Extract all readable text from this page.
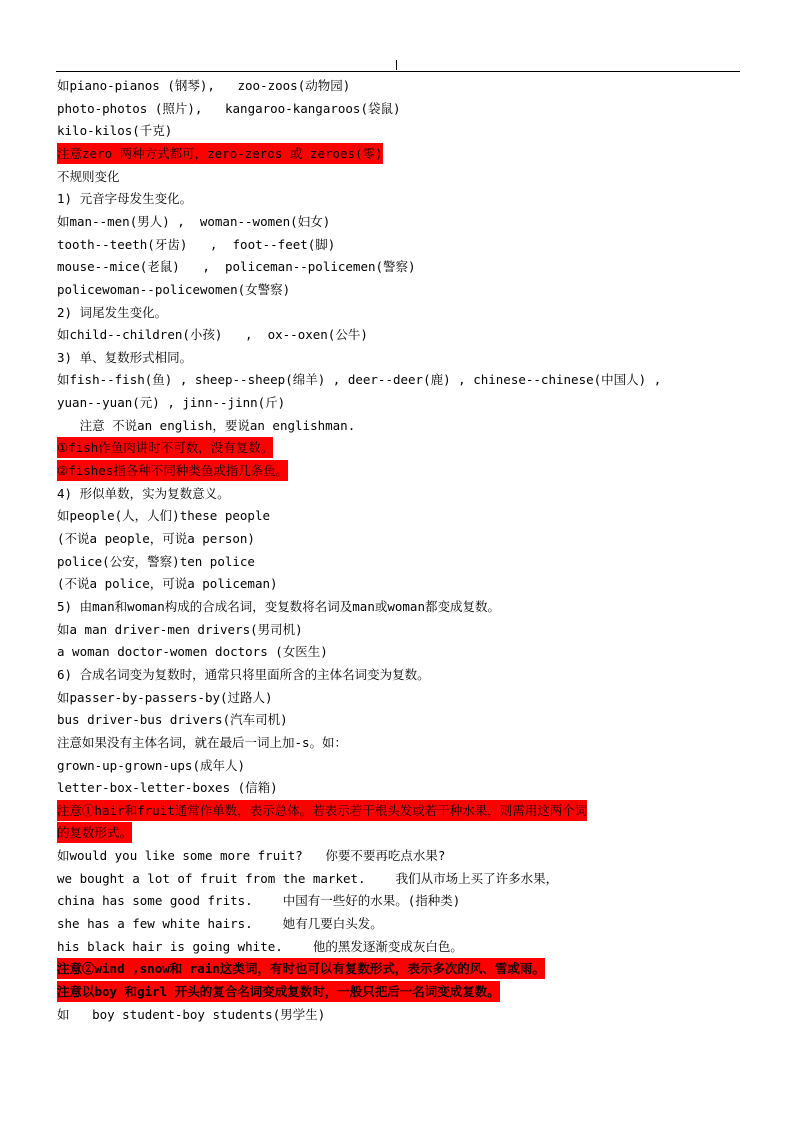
如piano-pianos (钢琴),   zoo-zoos(动物园)
photo-photos (照片),   kangaroo-kangaroos(袋鼠)
kilo-kilos(千克)
注意zero 两种方式都可，zero-zeros 或 zeroes(零)
不规则变化
1) 元音字母发生变化。
如man--men(男人) ,  woman--women(妇女)
tooth--teeth(牙齿)   ,  foot--feet(脚)
mouse--mice(老鼠)   ,  policeman--policemen(警察)
policewoman--policewomen(女警察)
2) 词尾发生变化。
如child--children(小孩)   ,  ox--oxen(公牛)
3) 单、复数形式相同。
如fish--fish(鱼) , sheep--sheep(绵羊) , deer--deer(鹿) , chinese--chinese(中国人) ,
yuan--yuan(元) , jinn--jinn(斤)
注意 不说an english，要说an englishman.
①fish作鱼肉讲时不可数，没有复数。
②fishes指各种不同种类鱼或指几条鱼。
4) 形似单数，实为复数意义。
如people(人，人们)these people
(不说a people，可说a person)
police(公安，警察)ten police
(不说a police，可说a policeman)
5) 由man和woman构成的合成名词，变复数将名词及man或woman都变成复数。
如a man driver-men drivers(男司机)
a woman doctor-women doctors (女医生)
6) 合成名词变为复数时，通常只将里面所含的主体名词变为复数。
如passer-by-passers-by(过路人)
bus driver-bus drivers(汽车司机)
注意如果没有主体名词，就在最后一词上加-s。如：
grown-up-grown-ups(成年人)
letter-box-letter-boxes (信箱)
注意①hair和fruit通常作单数，表示总体。若表示若干根头发或若干种水果，则需用这两个词
的复数形式。
如would you like some more fruit?   你要不要再吃点水果?
we bought a lot of fruit from the market.    我们从市场上买了许多水果，
china has some good frits.    中国有一些好的水果。(指种类)
she has a few white hairs.    她有几要白头发。
his black hair is going white.    他的黑发逐渐变成灰白色。
注意②wind ,snow和 rain这类词，有时也可以有复数形式，表示多次的风、雪或雨。
注意以boy 和girl 开头的复合名词变成复数时，一般只把后一名词变成复数。
如   boy student-boy students(男学生)
